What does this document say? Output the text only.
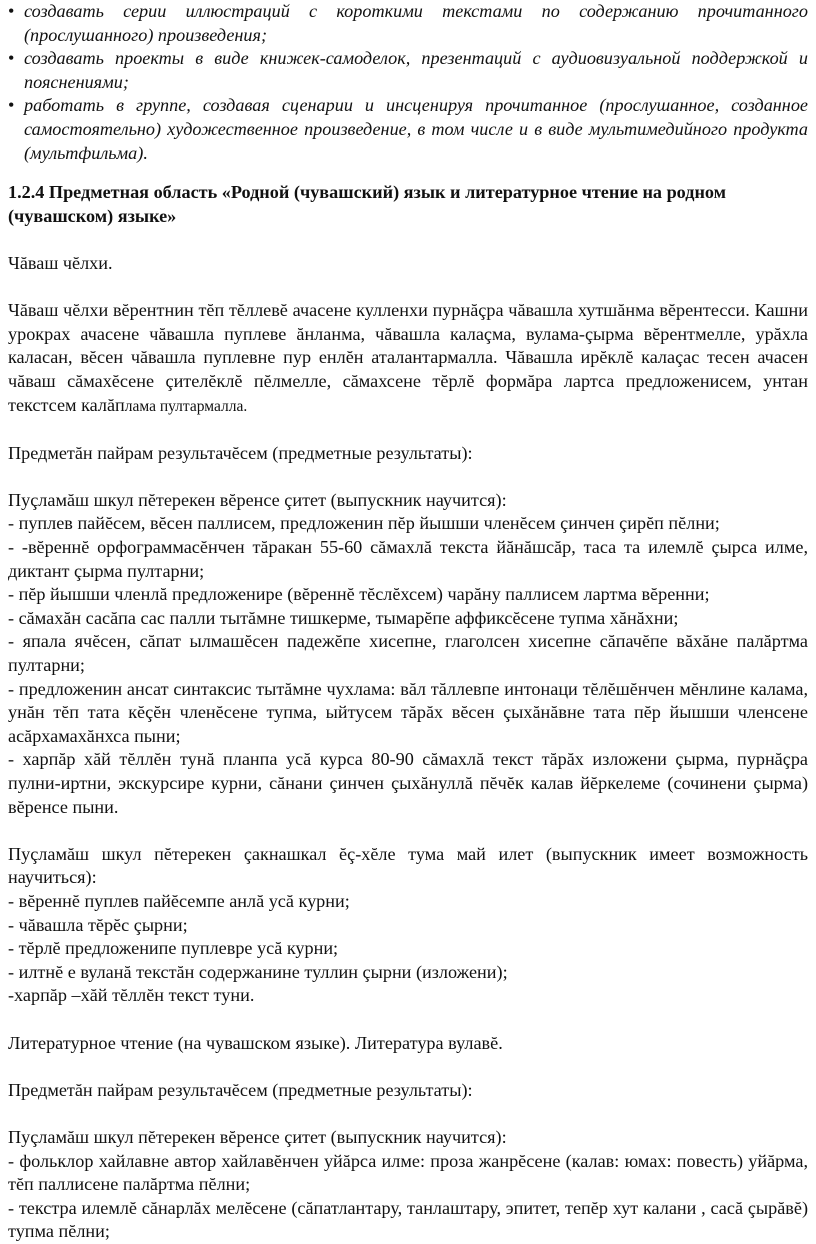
• создавать серии иллюстраций с короткими текстами по содержанию прочитанного (прослушанного) произведения;
• создавать проекты в виде книжек-самоделок, презентаций с аудиовизуальной поддержкой и пояснениями;
• работать в группе, создавая сценарии и инсценируя прочитанное (прослушанное, созданное самостоятельно) художественное произведение, в том числе и в виде мультимедийного продукта (мультфильма).

1.2.4 Предметная область «Родной (чувашский) язык и литературное чтение на родном (чувашском) языке»

Чăваш чĕлхи.

Чăваш чĕлхи вĕрентнин тĕп тĕллевĕ ачасене кулленхи пурнăçра чăвашла хутшăнма вĕрентесси. Кашни урокрах ачасене чăвашла пуплеве ăнланма, чăвашла калаçма, вулама-çырма вĕрентмелле, урăхла каласан, вĕсен чăвашла пуплевне пур енлĕн аталантармалла. Чăвашла ирĕклĕ калаçас тесен ачасен чăваш сăмахĕсене çителĕклĕ пĕлмелле, сăмахсене тĕрлĕ формăра лартса предложенисем, унтан текстсем калăплама пултармалла.

Предметăн пайрам результачĕсем (предметные результаты):

Пуçламăш шкул пĕтерекен вĕренсе çитет (выпускник научится):

- пуплев пайĕсем, вĕсен паллисем, предложенин пĕр йышши членĕсем çинчен çирĕп пĕлни;

- -вĕреннĕ орфограммасĕнчен тăракан 55-60 сăмахлă текста йăнăшсăр, таса та илемлĕ çырса илме, диктант çырма пултарни;

- пĕр йышши членлă предложенире (вĕреннĕ тĕслĕхсем) чарăну паллисем лартма вĕренни;

- сăмахăн сасăпа сас палли тытăмне тишкерме, тымарĕпе аффиксĕсене тупма хăнăхни;

- япала ячĕсен, сăпат ылмашĕсен падежĕпе хисепне, глаголсен хисепне сăпачĕпе вăхăне палăртма пултарни;

- предложенин ансат синтаксис тытăмне чухлама: вăл тăллевпе интонаци тĕлĕшĕнчен мĕнлине калама, унăн тĕп тата кĕçĕн членĕсене тупма, ыйтусем тăрăх вĕсен çыхăнăвне тата пĕр йышши членсене асăрхамахăнхса пыни;

- харпăр хăй тĕллĕн тунă планпа усă курса 80-90 сăмахлă текст тăрăх изложени çырма, пурнăçра пулни-иртни, экскурсире курни, сăнани çинчен çыхăнуллă пĕчĕк калав йĕркелеме (сочинени çырма) вĕренсе пыни.

Пуçламăш шкул пĕтерекен çакнашкал ĕç-хĕле тума май илет (выпускник имеет возможность научиться):

- вĕреннĕ пуплев пайĕсемпе анлă усă курни;

- чăвашла тĕрĕс çырни;

- тĕрлĕ предложенипе пуплевре усă курни;

- илтнĕ е вуланă текстăн содержанине туллин çырни (изложени);

-харпăр –хăй тĕллĕн текст туни.

Литературное чтение (на чувашском языке). Литература вулавĕ.

Предметăн пайрам результачĕсем (предметные результаты):

Пуçламăш шкул пĕтерекен вĕренсе çитет (выпускник научится):

- фольклор хайлавне автор хайлавĕнчен уйăрса илме: проза жанрĕсене (калав: юмах: повесть) уйăрма, тĕп паллисене палăртма пĕлни;

- текстра илемлĕ сăнарлăх мелĕсене (сăпатлантару, танлаштару, эпитет, тепĕр хут калани , сасă çырăвĕ) тупма пĕлни;
